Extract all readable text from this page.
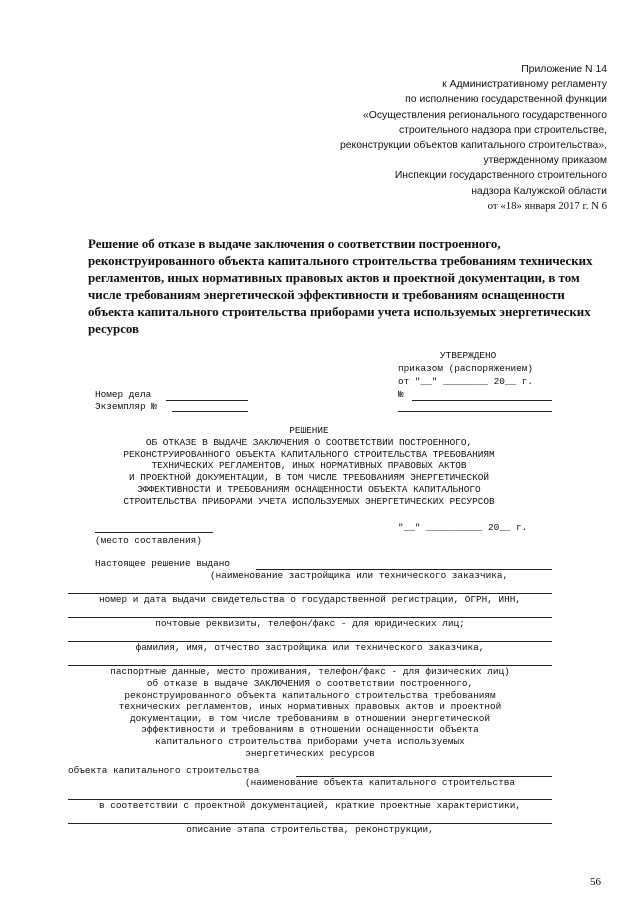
Приложение N 14
к Административному регламенту
по исполнению государственной функции
«Осуществления регионального государственного
строительного надзора при строительстве,
реконструкции объектов капитального строительства»,
утвержденному приказом
Инспекции государственного строительного
надзора Калужской области
от «18» января 2017 г. N 6
Решение об отказе в выдаче заключения о соответствии построенного, реконструированного объекта капитального строительства требованиям технических регламентов, иных нормативных правовых актов и проектной документации, в том числе требованиям энергетической эффективности и требованиям оснащенности объекта капитального строительства приборами учета используемых энергетических ресурсов
УТВЕРЖДЕНО
приказом (распоряжением)
от "__" ________ 20__ г.
№
Номер дела
Экземпляр №
РЕШЕНИЕ
ОБ ОТКАЗЕ В ВЫДАЧЕ ЗАКЛЮЧЕНИЯ О СООТВЕТСТВИИ ПОСТРОЕННОГО,
РЕКОНСТРУИРОВАННОГО ОБЪЕКТА КАПИТАЛЬНОГО СТРОИТЕЛЬСТВА ТРЕБОВАНИЯМ
ТЕХНИЧЕСКИХ РЕГЛАМЕНТОВ, ИНЫХ НОРМАТИВНЫХ ПРАВОВЫХ АКТОВ
И ПРОЕКТНОЙ ДОКУМЕНТАЦИИ, В ТОМ ЧИСЛЕ ТРЕБОВАНИЯМ ЭНЕРГЕТИЧЕСКОЙ
ЭФФЕКТИВНОСТИ И ТРЕБОВАНИЯМ ОСНАЩЕННОСТИ ОБЪЕКТА КАПИТАЛЬНОГО
СТРОИТЕЛЬСТВА ПРИБОРАМИ УЧЕТА ИСПОЛЬЗУЕМЫХ ЭНЕРГЕТИЧЕСКИХ РЕСУРСОВ
"__" __________ 20__ г.
(место составления)
Настоящее решение выдано
(наименование застройщика или технического заказчика,
номер и дата выдачи свидетельства о государственной регистрации, ОГРН, ИНН,
почтовые реквизиты, телефон/факс - для юридических лиц;
фамилия, имя, отчество застройщика или технического заказчика,
паспортные данные, место проживания, телефон/факс - для физических лиц)
об отказе в выдаче ЗАКЛЮЧЕНИЯ о соответствии построенного,
реконструированного объекта капитального строительства требованиям
технических регламентов, иных нормативных правовых актов и проектной
документации, в том числе требованиям в отношении энергетической
эффективности и требованиям в отношении оснащенности объекта
капитального строительства приборами учета используемых
энергетических ресурсов
объекта капитального строительства
(наименование объекта капитального строительства
в соответствии с проектной документацией, краткие проектные характеристики,
описание этапа строительства, реконструкции,
56
